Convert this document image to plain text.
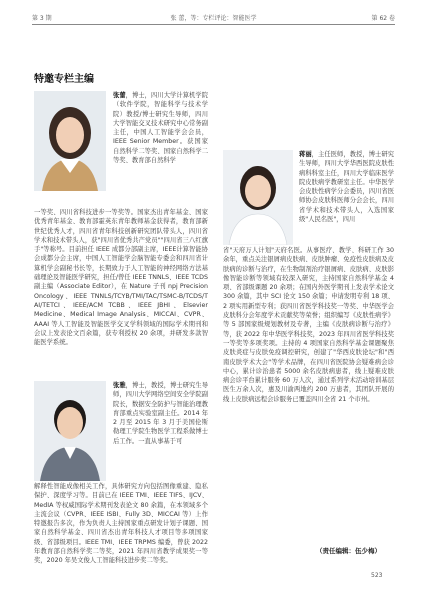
第 3 期	张 蕾，等：专栏评论：智能医学	第 62 卷
特邀专栏主编
张蕾，博士，四川大学计算机学院（软件学院，智能科学与技术学院）教授/博士研究生导师，四川大学智能交叉技术研究中心常务副主任，中国人工智能学会会员，IEEE Senior Member。获国家自然科学二等奖、国家自然科学二等奖、教育部自然科学
一等奖、四川省科技进步一等奖等。国家杰出青年基金、国家优秀青年基金、教育部霍英东青年教师基金获得者，教育部新世纪优秀人才，四川省青年科技创新研究团队带头人，四川省学术和技术带头人，获"四川省优秀共产党员""四川省三八红旗手"等称号。目前担任 IEEE 成都分部副主席，IEEE计算智能协会成都分会主席，中国人工智能学会脑智能专委会和四川省计算机学会副秘书长等，长期致力于人工智能的神经网络方法基础理论及智能医学研究，担任/曾任 IEEE TNNLS、IEEE TCDS 副主编（Associate Editor），在 Nature 子刊 npj Precision Oncology、IEEE TNNLS/TCYB/TMI/TAC/TSMC-B/TCDS/T AI/TETCI、IEEE/ACM TCBB、IEEE JBHI、Elsevier Medicine、Medical Image Analysis、MICCAI、CVPR、AAAI 等人工智能及智能医学交叉学科领域的国际学术期刊和会议上发表论文百余篇，获专利授权 20 余项，并研发多款智能医学系统。
张雅，博士，教授，博士研究生导师，四川大学网络空间安全学院副院长，数据安全防护与智能治理教育部重点实验室副主任。2014 年 2 月至 2015 年 3 月于美国伦斯勒理工学院生物医学工程系做博士后工作。一直从事基于可
解释性智能成像相关工作，具体研究方向包括图像重建、隐私保护、深度学习等。目前已在 IEEE TMI、IEEE TIFS、IJCV、MedIA 等权威国际学术期刊发表论文 80 余篇，在本领域多个主流会议（CVPR、IEEE ISBI、Fully 3D、MICCAI 等）上作特邀报告多次，作为负责人主持国家重点研发计划子课题、国家自然科学基金、四川省杰出青年科技人才项目等多项国家级、省部级项目。IEEE TMI、IEEE TRPMS 编委，曾获 2022 年教育部自然科学奖二等奖，2021 年四川省教学成果奖一等奖，2020 年吴文俊人工智能科技进步奖二等奖。
蒋丽，主任医师，教授，博士研究生导师，四川大学华西医院皮肤性病科科室主任，四川大学临床医学院皮肤病学教研室主任。中华医学会皮肤性病学分会委员，四川省医师协会皮肤科医师分会会长，四川省学术和技术带头人，入选国家级"人民名医"，四川
省"天府万人计划"天府名医。从事医疗、教学、科研工作 30 余年，重点关注银屑病皮肤病、皮肤肿瘤、免疫性皮肤病及皮肤病的诊断与治疗，在生物制剂治疗银屑病、皮肤病、皮肤影像智能诊断等领域有较深入研究，主持国家自然科学基金 4 项、省部级课题 20 余项；在国内外医学期刊上发表学术论文 300 余篇，其中 SCI 论文 150 余篇；申请发明专利 18 项、2 项实用新型专利；获四川省医学科技奖一等奖、中华医学会皮肤科分会年度学术贡献奖等荣誉；组织编写《皮肤性病学》等 5 部国家级规划教材及专著，主编《皮肤病诊断与治疗》等，获 2022 年中华医学科技奖，2023 年四川省医学科技奖一等奖等多项奖项。主持的 4 项国家自然科学基金课题聚焦皮肤炎症与皮肤免疫调控研究，创建了"华西皮肤论坛"和"西南皮肤学术大会"等学术品牌，在四川省医院协会疑难病会诊中心，累计诊治患者 5000 余名皮肤病患者，线上疑难皮肤病会诊平台累计服务 60 万人次，通过系列学术活动培训基层医生万余人次，惠及川渝两地约 200 万患者，其团队开展的线上皮肤病远程会诊服务已覆盖四川全省 21 个市州。
（责任编辑：伍少梅）
523
